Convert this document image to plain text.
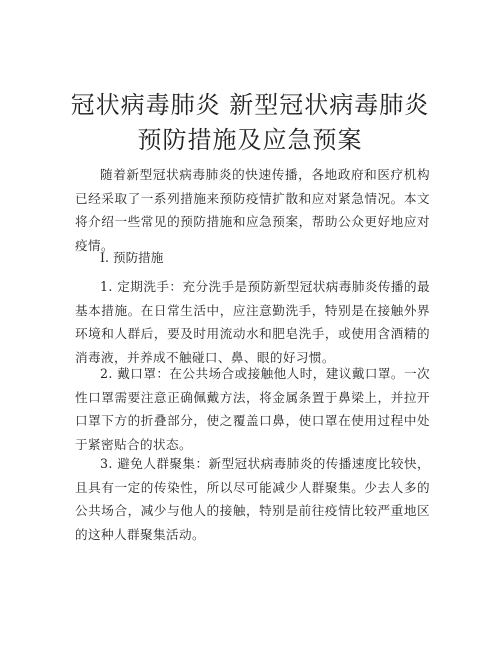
冠状病毒肺炎 新型冠状病毒肺炎
预防措施及应急预案

随着新型冠状病毒肺炎的快速传播，各地政府和医疗机构已经采取了一系列措施来预防疫情扩散和应对紧急情况。本文将介绍一些常见的预防措施和应急预案，帮助公众更好地应对疫情。

I. 预防措施

1. 定期洗手：充分洗手是预防新型冠状病毒肺炎传播的最基本措施。在日常生活中，应注意勤洗手，特别是在接触外界环境和人群后，要及时用流动水和肥皂洗手，或使用含酒精的消毒液，并养成不触碰口、鼻、眼的好习惯。

2. 戴口罩：在公共场合或接触他人时，建议戴口罩。一次性口罩需要注意正确佩戴方法，将金属条置于鼻梁上，并拉开口罩下方的折叠部分，使之覆盖口鼻，使口罩在使用过程中处于紧密贴合的状态。

3. 避免人群聚集：新型冠状病毒肺炎的传播速度比较快，且具有一定的传染性，所以尽可能减少人群聚集。少去人多的公共场合，减少与他人的接触，特别是前往疫情比较严重地区的这种人群聚集活动。
